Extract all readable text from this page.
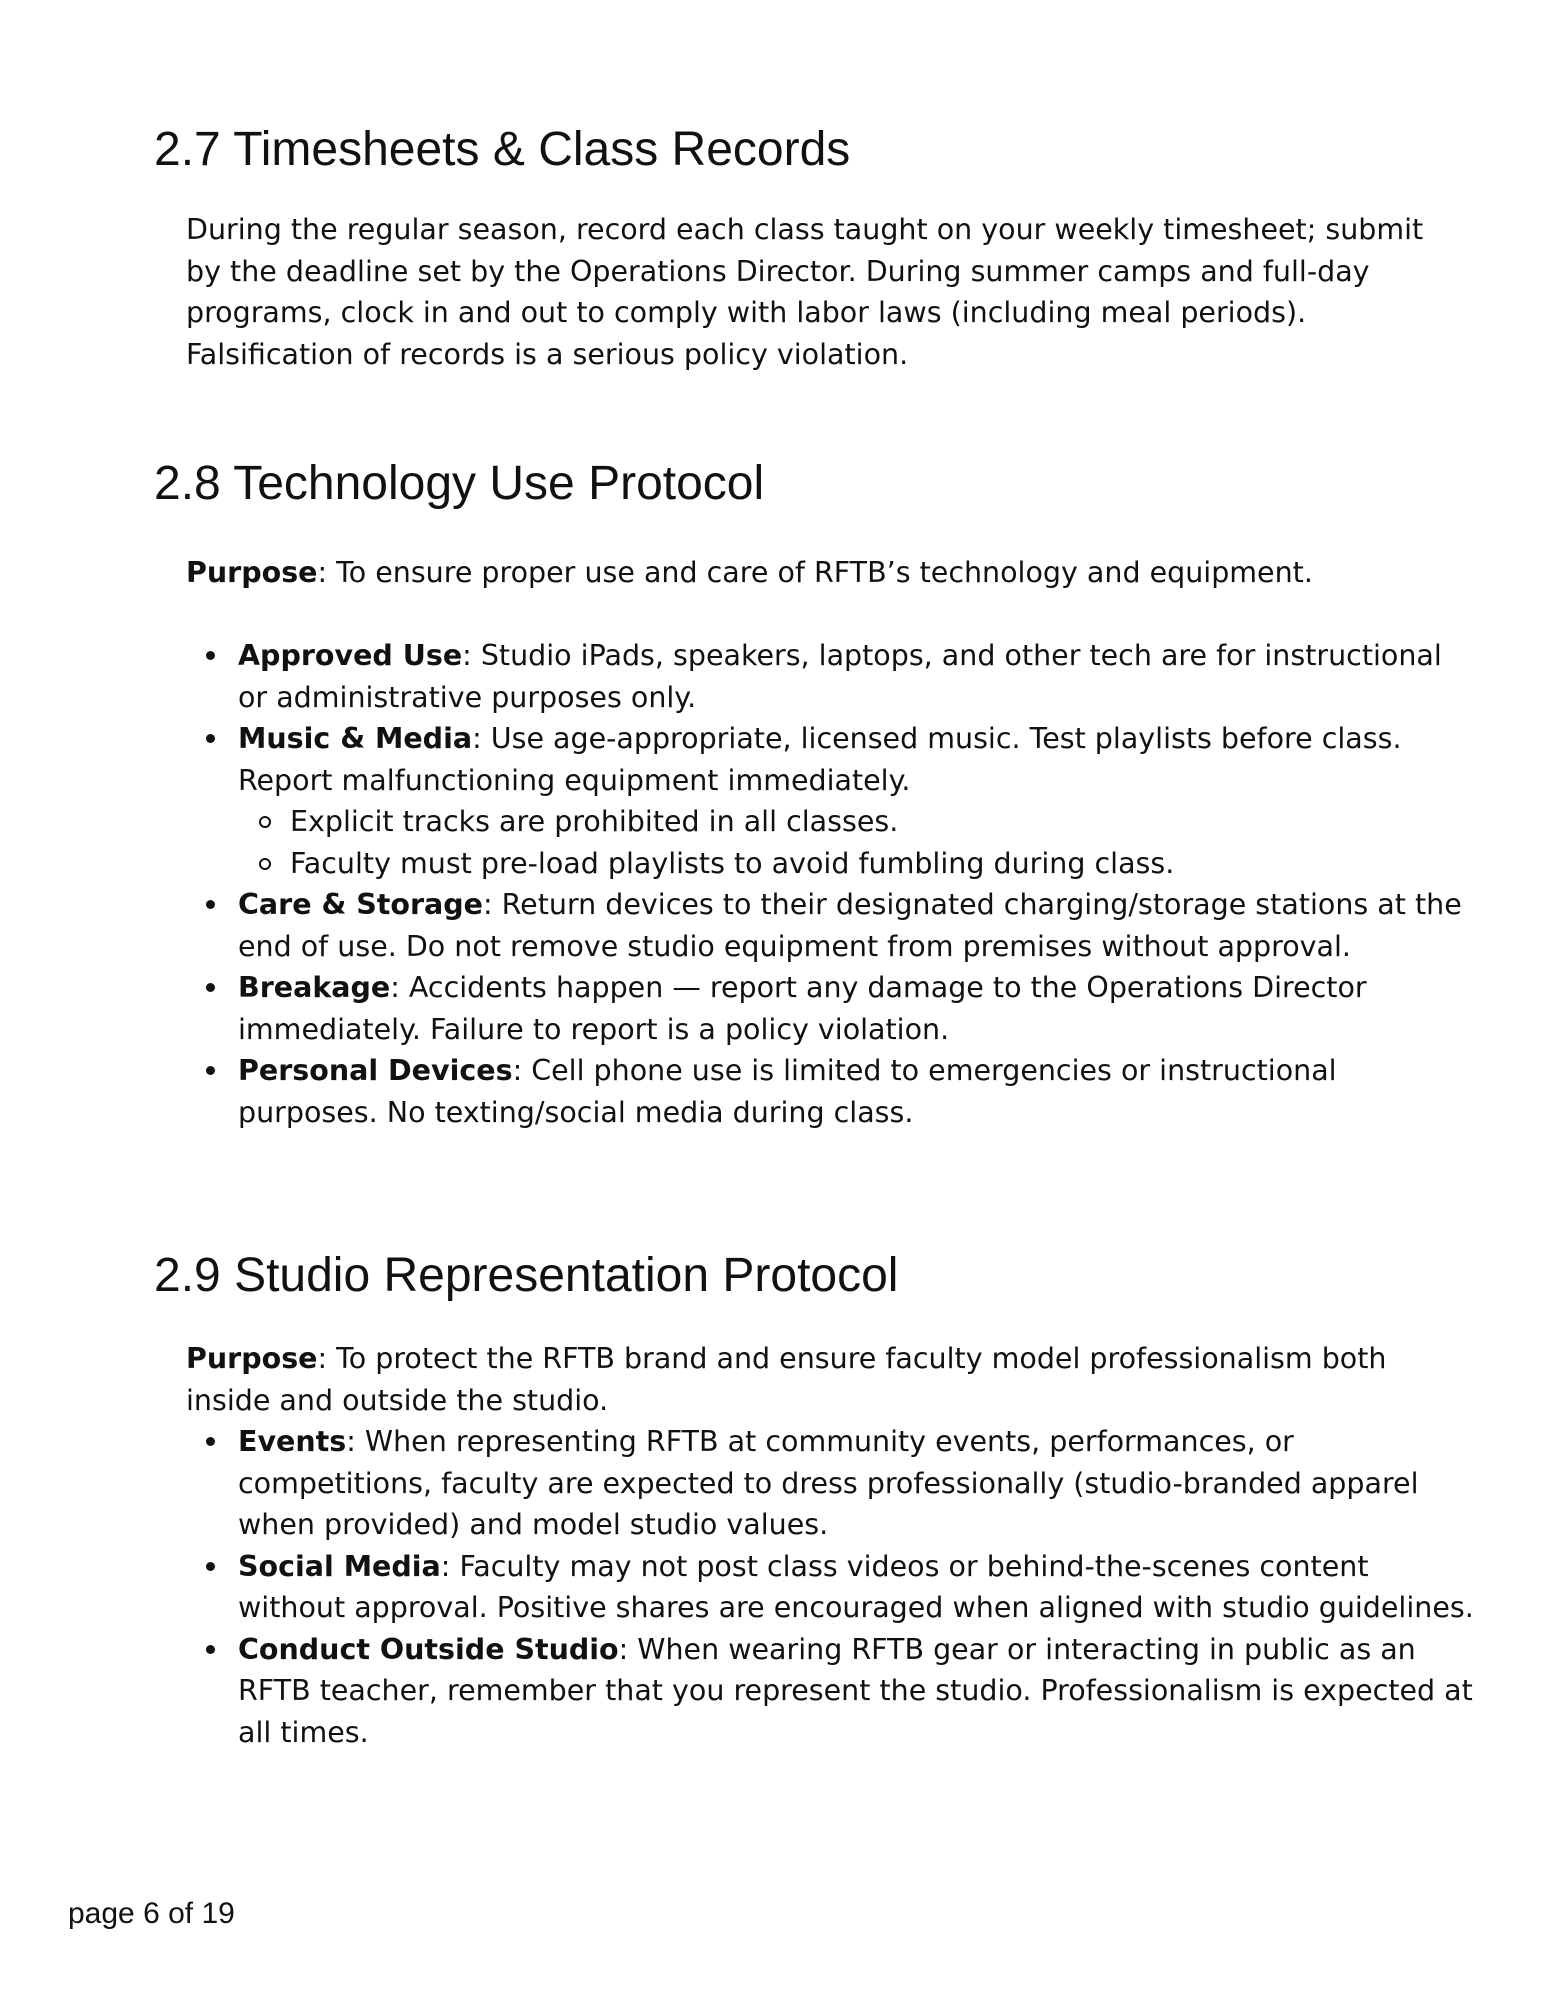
2.7 Timesheets & Class Records

During the regular season, record each class taught on your weekly timesheet; submit by the deadline set by the Operations Director. During summer camps and full-day programs, clock in and out to comply with labor laws (including meal periods). Falsification of records is a serious policy violation.

2.8 Technology Use Protocol

Purpose: To ensure proper use and care of RFTB’s technology and equipment.

Approved Use: Studio iPads, speakers, laptops, and other tech are for instructional or administrative purposes only.
Music & Media: Use age-appropriate, licensed music. Test playlists before class. Report malfunctioning equipment immediately.
Explicit tracks are prohibited in all classes.
Faculty must pre-load playlists to avoid fumbling during class.
Care & Storage: Return devices to their designated charging/storage stations at the end of use. Do not remove studio equipment from premises without approval.
Breakage: Accidents happen — report any damage to the Operations Director immediately. Failure to report is a policy violation.
Personal Devices: Cell phone use is limited to emergencies or instructional purposes. No texting/social media during class.
2.9 Studio Representation Protocol

Purpose: To protect the RFTB brand and ensure faculty model professionalism both inside and outside the studio.

Events: When representing RFTB at community events, performances, or competitions, faculty are expected to dress professionally (studio-branded apparel when provided) and model studio values.
Social Media: Faculty may not post class videos or behind-the-scenes content without approval. Positive shares are encouraged when aligned with studio guidelines.
Conduct Outside Studio: When wearing RFTB gear or interacting in public as an RFTB teacher, remember that you represent the studio. Professionalism is expected at all times.
page 6 of 19
